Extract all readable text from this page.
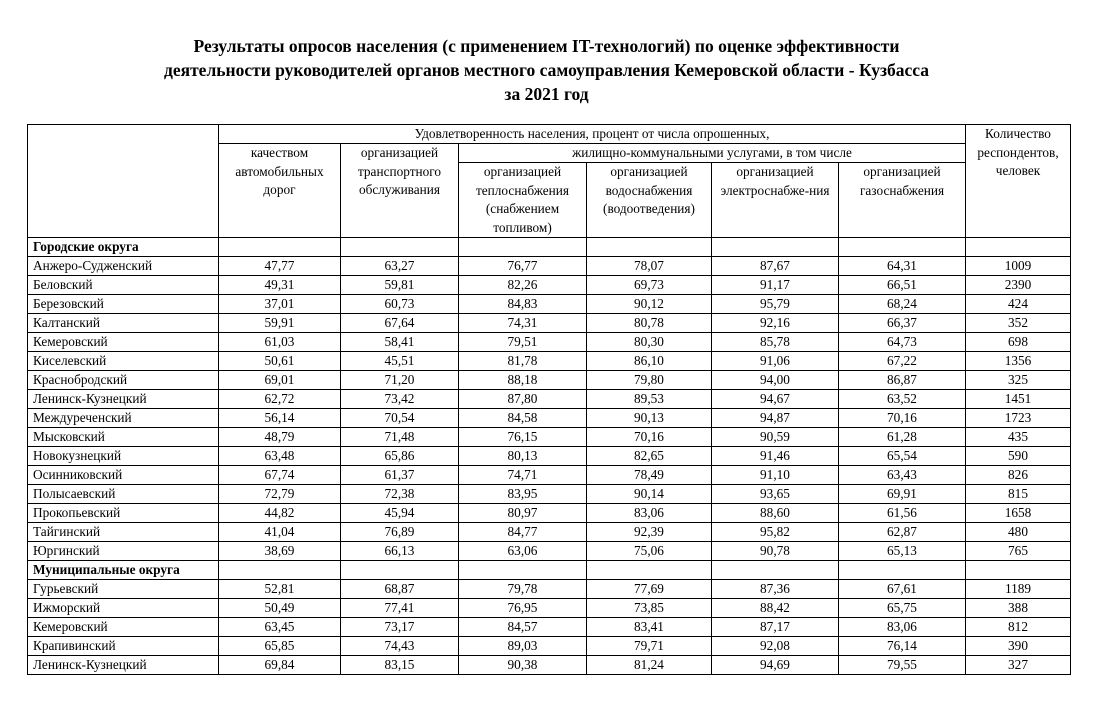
Результаты опросов населения (с применением IT-технологий) по оценке эффективности
деятельности руководителей органов местного самоуправления Кемеровской области - Кузбасса
за 2021 год
	Удовлетворенность населения, процент от числа опрошенных,						Количество респондентов, человек
	качеством автомобильных дорог	организацией транспортного обслуживания	жилищно-коммунальными услугами, в том числе				
			организацией теплоснабжения (снабжением топливом)	организацией водоснабжения (водоотведения)	организацией электроснабже-ния	организацией газоснабжения	

Городские округа							
Анжеро-Судженский	47,77	63,27	76,77	78,07	87,67	64,31	1009
Беловский	49,31	59,81	82,26	69,73	91,17	66,51	2390
Березовский	37,01	60,73	84,83	90,12	95,79	68,24	424
Калтанский	59,91	67,64	74,31	80,78	92,16	66,37	352
Кемеровский	61,03	58,41	79,51	80,30	85,78	64,73	698
Киселевский	50,61	45,51	81,78	86,10	91,06	67,22	1356
Краснобродский	69,01	71,20	88,18	79,80	94,00	86,87	325
Ленинск-Кузнецкий	62,72	73,42	87,80	89,53	94,67	63,52	1451
Междуреченский	56,14	70,54	84,58	90,13	94,87	70,16	1723
Мысковский	48,79	71,48	76,15	70,16	90,59	61,28	435
Новокузнецкий	63,48	65,86	80,13	82,65	91,46	65,54	590
Осинниковский	67,74	61,37	74,71	78,49	91,10	63,43	826
Полысаевский	72,79	72,38	83,95	90,14	93,65	69,91	815
Прокопьевский	44,82	45,94	80,97	83,06	88,60	61,56	1658
Тайгинский	41,04	76,89	84,77	92,39	95,82	62,87	480
Юргинский	38,69	66,13	63,06	75,06	90,78	65,13	765
Муниципальные округа							
Гурьевский	52,81	68,87	79,78	77,69	87,36	67,61	1189
Ижморский	50,49	77,41	76,95	73,85	88,42	65,75	388
Кемеровский	63,45	73,17	84,57	83,41	87,17	83,06	812
Крапивинский	65,85	74,43	89,03	79,71	92,08	76,14	390
Ленинск-Кузнецкий	69,84	83,15	90,38	81,24	94,69	79,55	327
